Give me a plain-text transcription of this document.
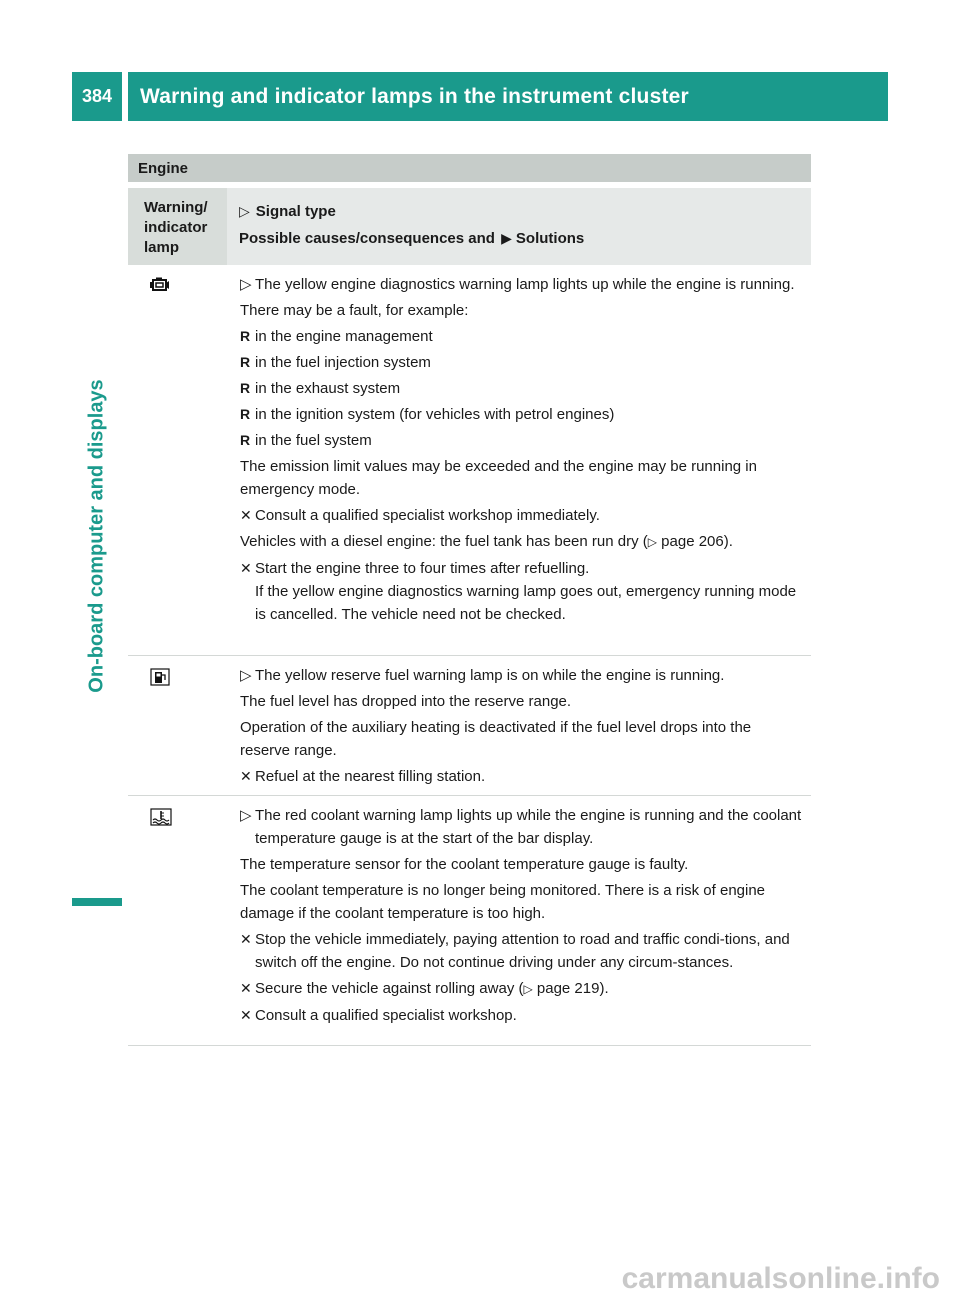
384	Warning and indicator lamps in the instrument cluster
On-board computer and displays
Engine
Warning/
indicator
lamp
▷ Signal type
Possible causes/consequences and ▶ Solutions

▷ The yellow engine diagnostics warning lamp lights up while the engine is running.

There may be a fault, for example:

R in the engine management

R in the fuel injection system

R in the exhaust system

R in the ignition system (for vehicles with petrol engines)

R in the fuel system

The emission limit values may be exceeded and the engine may be running in emergency mode.

✕ Consult a qualified specialist workshop immediately.

Vehicles with a diesel engine: the fuel tank has been run dry (▷ page 206).

✕ Start the engine three to four times after refuelling.
If the yellow engine diagnostics warning lamp goes out, emergency running mode is cancelled. The vehicle need not be checked.

▷ The yellow reserve fuel warning lamp is on while the engine is running.

The fuel level has dropped into the reserve range.

Operation of the auxiliary heating is deactivated if the fuel level drops into the reserve range.

✕ Refuel at the nearest filling station.

▷ The red coolant warning lamp lights up while the engine is running and the coolant temperature gauge is at the start of the bar display.

The temperature sensor for the coolant temperature gauge is faulty.

The coolant temperature is no longer being monitored. There is a risk of engine damage if the coolant temperature is too high.

✕ Stop the vehicle immediately, paying attention to road and traffic condi-tions, and switch off the engine. Do not continue driving under any circum-stances.

✕ Secure the vehicle against rolling away (▷ page 219).

✕ Consult a qualified specialist workshop.

carmanualsonline.info
